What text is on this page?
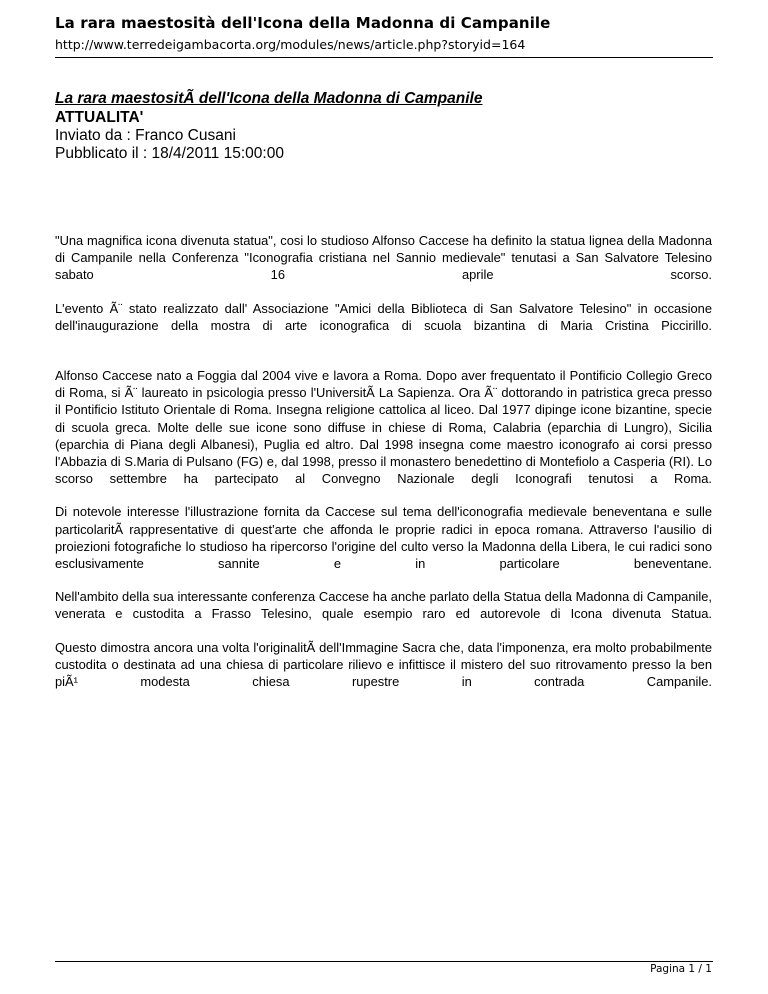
La rara maestosità dell'Icona della Madonna di Campanile
http://www.terredeigambacorta.org/modules/news/article.php?storyid=164
La rara maestositÃ dell'Icona della Madonna di Campanile
ATTUALITA'
Inviato da : Franco Cusani
Pubblicato il : 18/4/2011 15:00:00

"Una magnifica icona divenuta statua", cosi lo studioso Alfonso Caccese ha definito la statua lignea della Madonna di Campanile nella Conferenza "Iconografia cristiana nel Sannio medievale" tenutasi a San Salvatore Telesino sabato 16 aprile scorso.

L'evento Ã¨ stato realizzato dall' Associazione "Amici della Biblioteca di San Salvatore Telesino" in occasione dell'inaugurazione della mostra di arte iconografica di scuola bizantina di Maria Cristina Piccirillo.

Alfonso Caccese nato a Foggia dal 2004 vive e lavora a Roma. Dopo aver frequentato il Pontificio Collegio Greco di Roma, si Ã¨ laureato in psicologia presso l'UniversitÃ La Sapienza. Ora Ã¨ dottorando in patristica greca presso il Pontificio Istituto Orientale di Roma. Insegna religione cattolica al liceo. Dal 1977 dipinge icone bizantine, specie di scuola greca. Molte delle sue icone sono diffuse in chiese di Roma, Calabria (eparchia di Lungro), Sicilia (eparchia di Piana degli Albanesi), Puglia ed altro. Dal 1998 insegna come maestro iconografo ai corsi presso l'Abbazia di S.Maria di Pulsano (FG) e, dal 1998, presso il monastero benedettino di Montefiolo a Casperia (RI). Lo scorso settembre ha partecipato al Convegno Nazionale degli Iconografi tenutosi a Roma.

Di notevole interesse l'illustrazione fornita da Caccese sul tema dell'iconografia medievale beneventana e sulle particolaritÃ rappresentative di quest'arte che affonda le proprie radici in epoca romana. Attraverso l'ausilio di proiezioni fotografiche lo studioso ha ripercorso l'origine del culto verso la Madonna della Libera, le cui radici sono esclusivamente sannite e in particolare beneventane.

Nell'ambito della sua interessante conferenza Caccese ha anche parlato della Statua della Madonna di Campanile, venerata e custodita a Frasso Telesino, quale esempio raro ed autorevole di Icona divenuta Statua.

Questo dimostra ancora una volta l'originalitÃ dell'Immagine Sacra che, data l'imponenza, era molto probabilmente custodita o destinata ad una chiesa di particolare rilievo e infittisce il mistero del suo ritrovamento presso la ben piÃ¹ modesta chiesa rupestre in contrada Campanile.

Pagina 1 / 1
